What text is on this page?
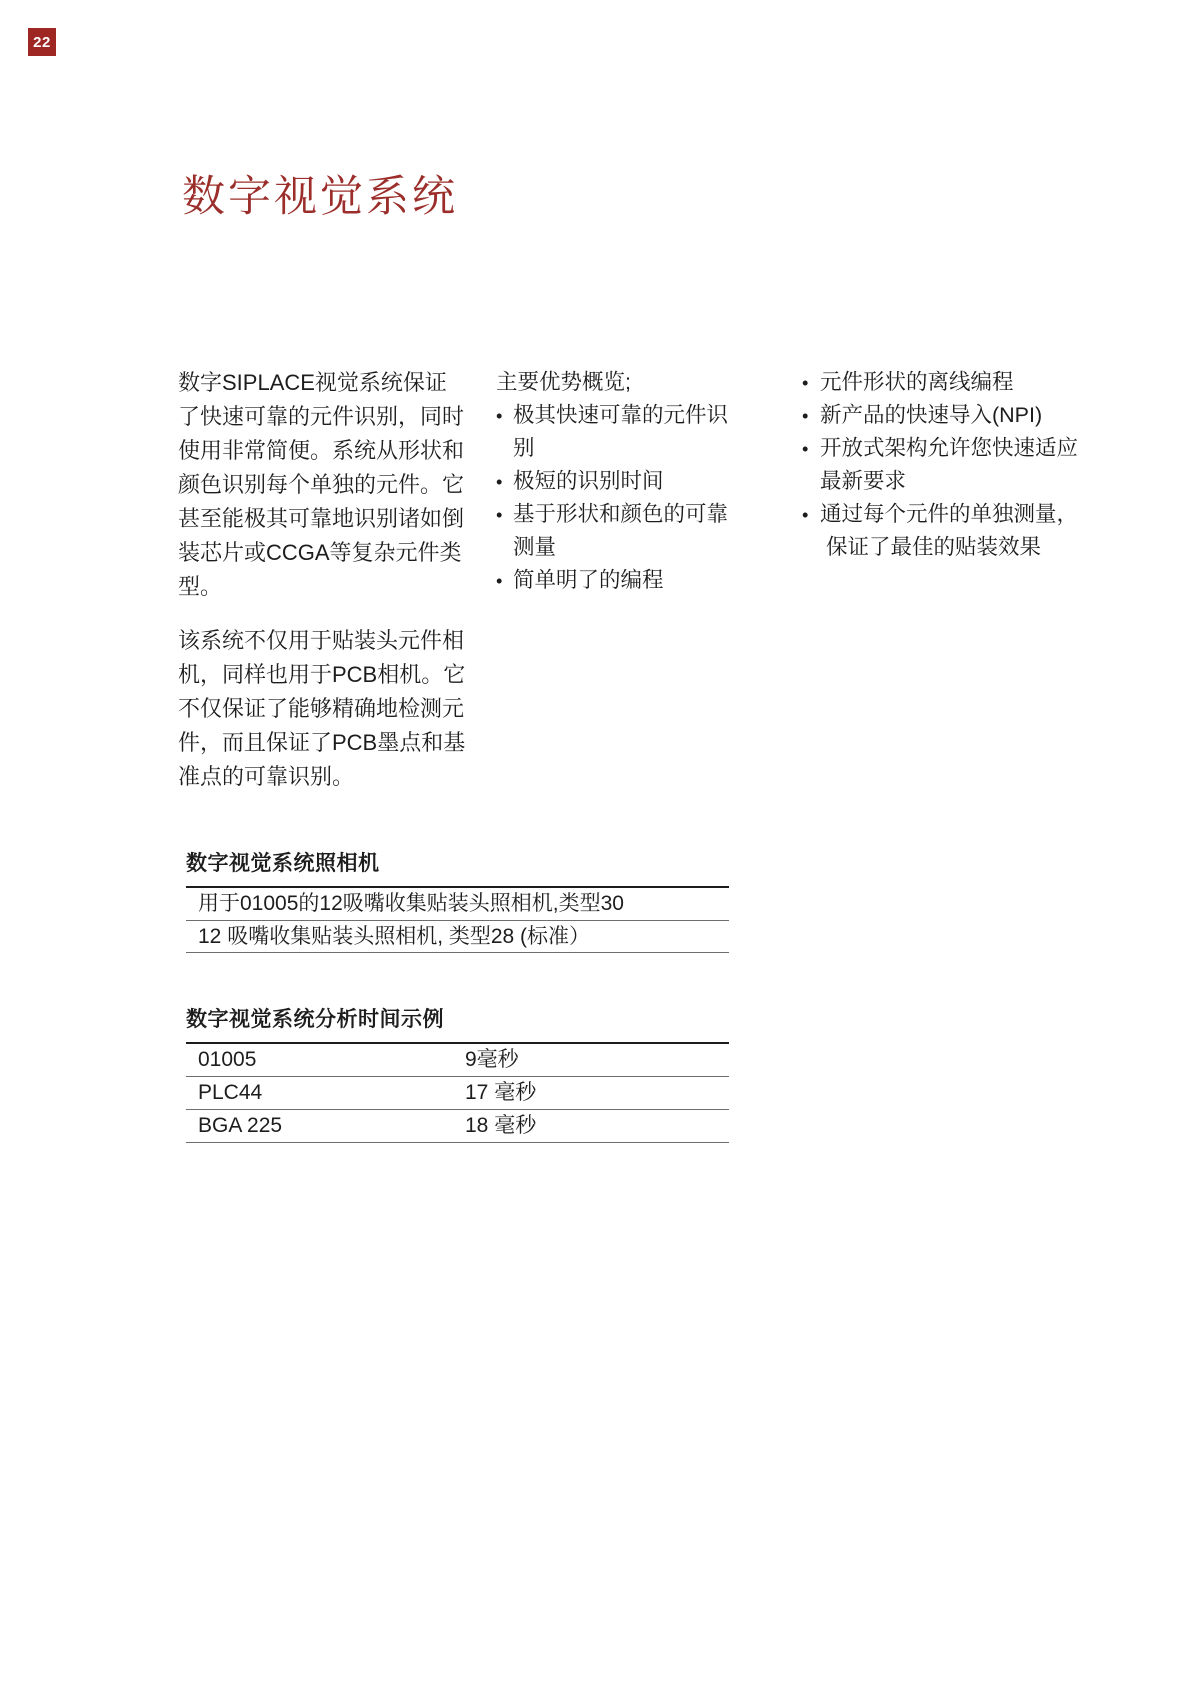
22
数字视觉系统
数字SIPLACE视觉系统保证
了快速可靠的元件识别，同时
使用非常简便。系统从形状和
颜色识别每个单独的元件。它
甚至能极其可靠地识别诸如倒
装芯片或CCGA等复杂元件类
型。
该系统不仅用于贴装头元件相
机，同样也用于PCB相机。它
不仅保证了能够精确地检测元
件，而且保证了PCB墨点和基
准点的可靠识别。
主要优势概览;
• 极其快速可靠的元件识别
• 极短的识别时间
• 基于形状和颜色的可靠测量
• 简单明了的编程
• 元件形状的离线编程
• 新产品的快速导入(NPI)
• 开放式架构允许您快速适应
最新要求
• 通过每个元件的单独测量，
保证了最佳的贴装效果
数字视觉系统照相机
用于01005的12吸嘴收集贴装头照相机,类型30
12 吸嘴收集贴装头照相机, 类型28 (标准）
数字视觉系统分析时间示例
01005	9毫秒
PLC44	17 毫秒
BGA 225	18 毫秒
